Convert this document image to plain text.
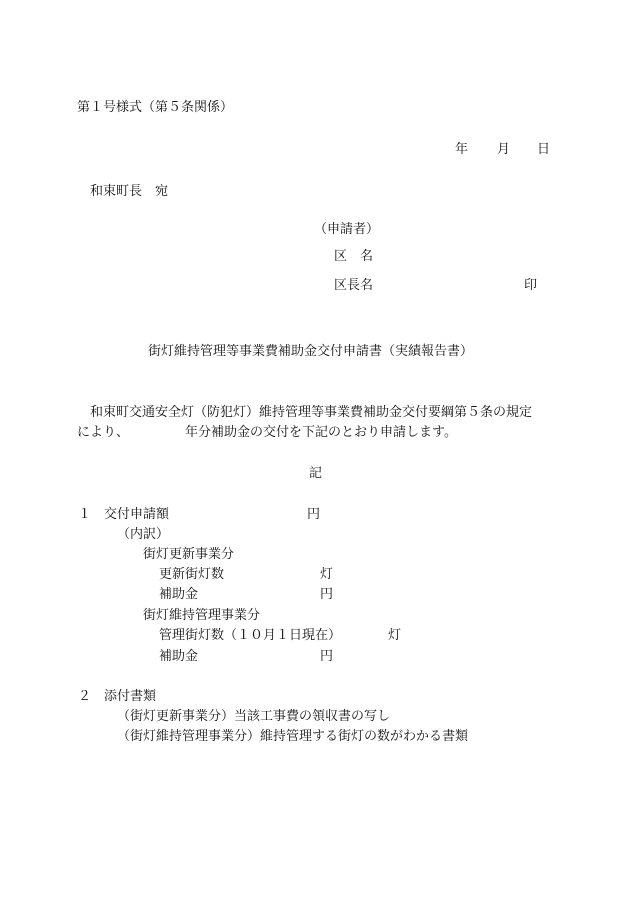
第１号様式（第５条関係）
年 月 日
和束町長　宛
（申請者）
区　名
区長名	印
街灯維持管理等事業費補助金交付申請書（実績報告書）
和束町交通安全灯（防犯灯）維持管理等事業費補助金交付要綱第５条の規定
により、	年分補助金の交付を下記のとおり申請します。
記
１ 交付申請額	円
（内訳）
街灯更新事業分
更新街灯数	灯
補助金	円
街灯維持管理事業分
管理街灯数（１０月１日現在）	灯
補助金	円
２ 添付書類
（街灯更新事業分）当該工事費の領収書の写し
（街灯維持管理事業分）維持管理する街灯の数がわかる書類
